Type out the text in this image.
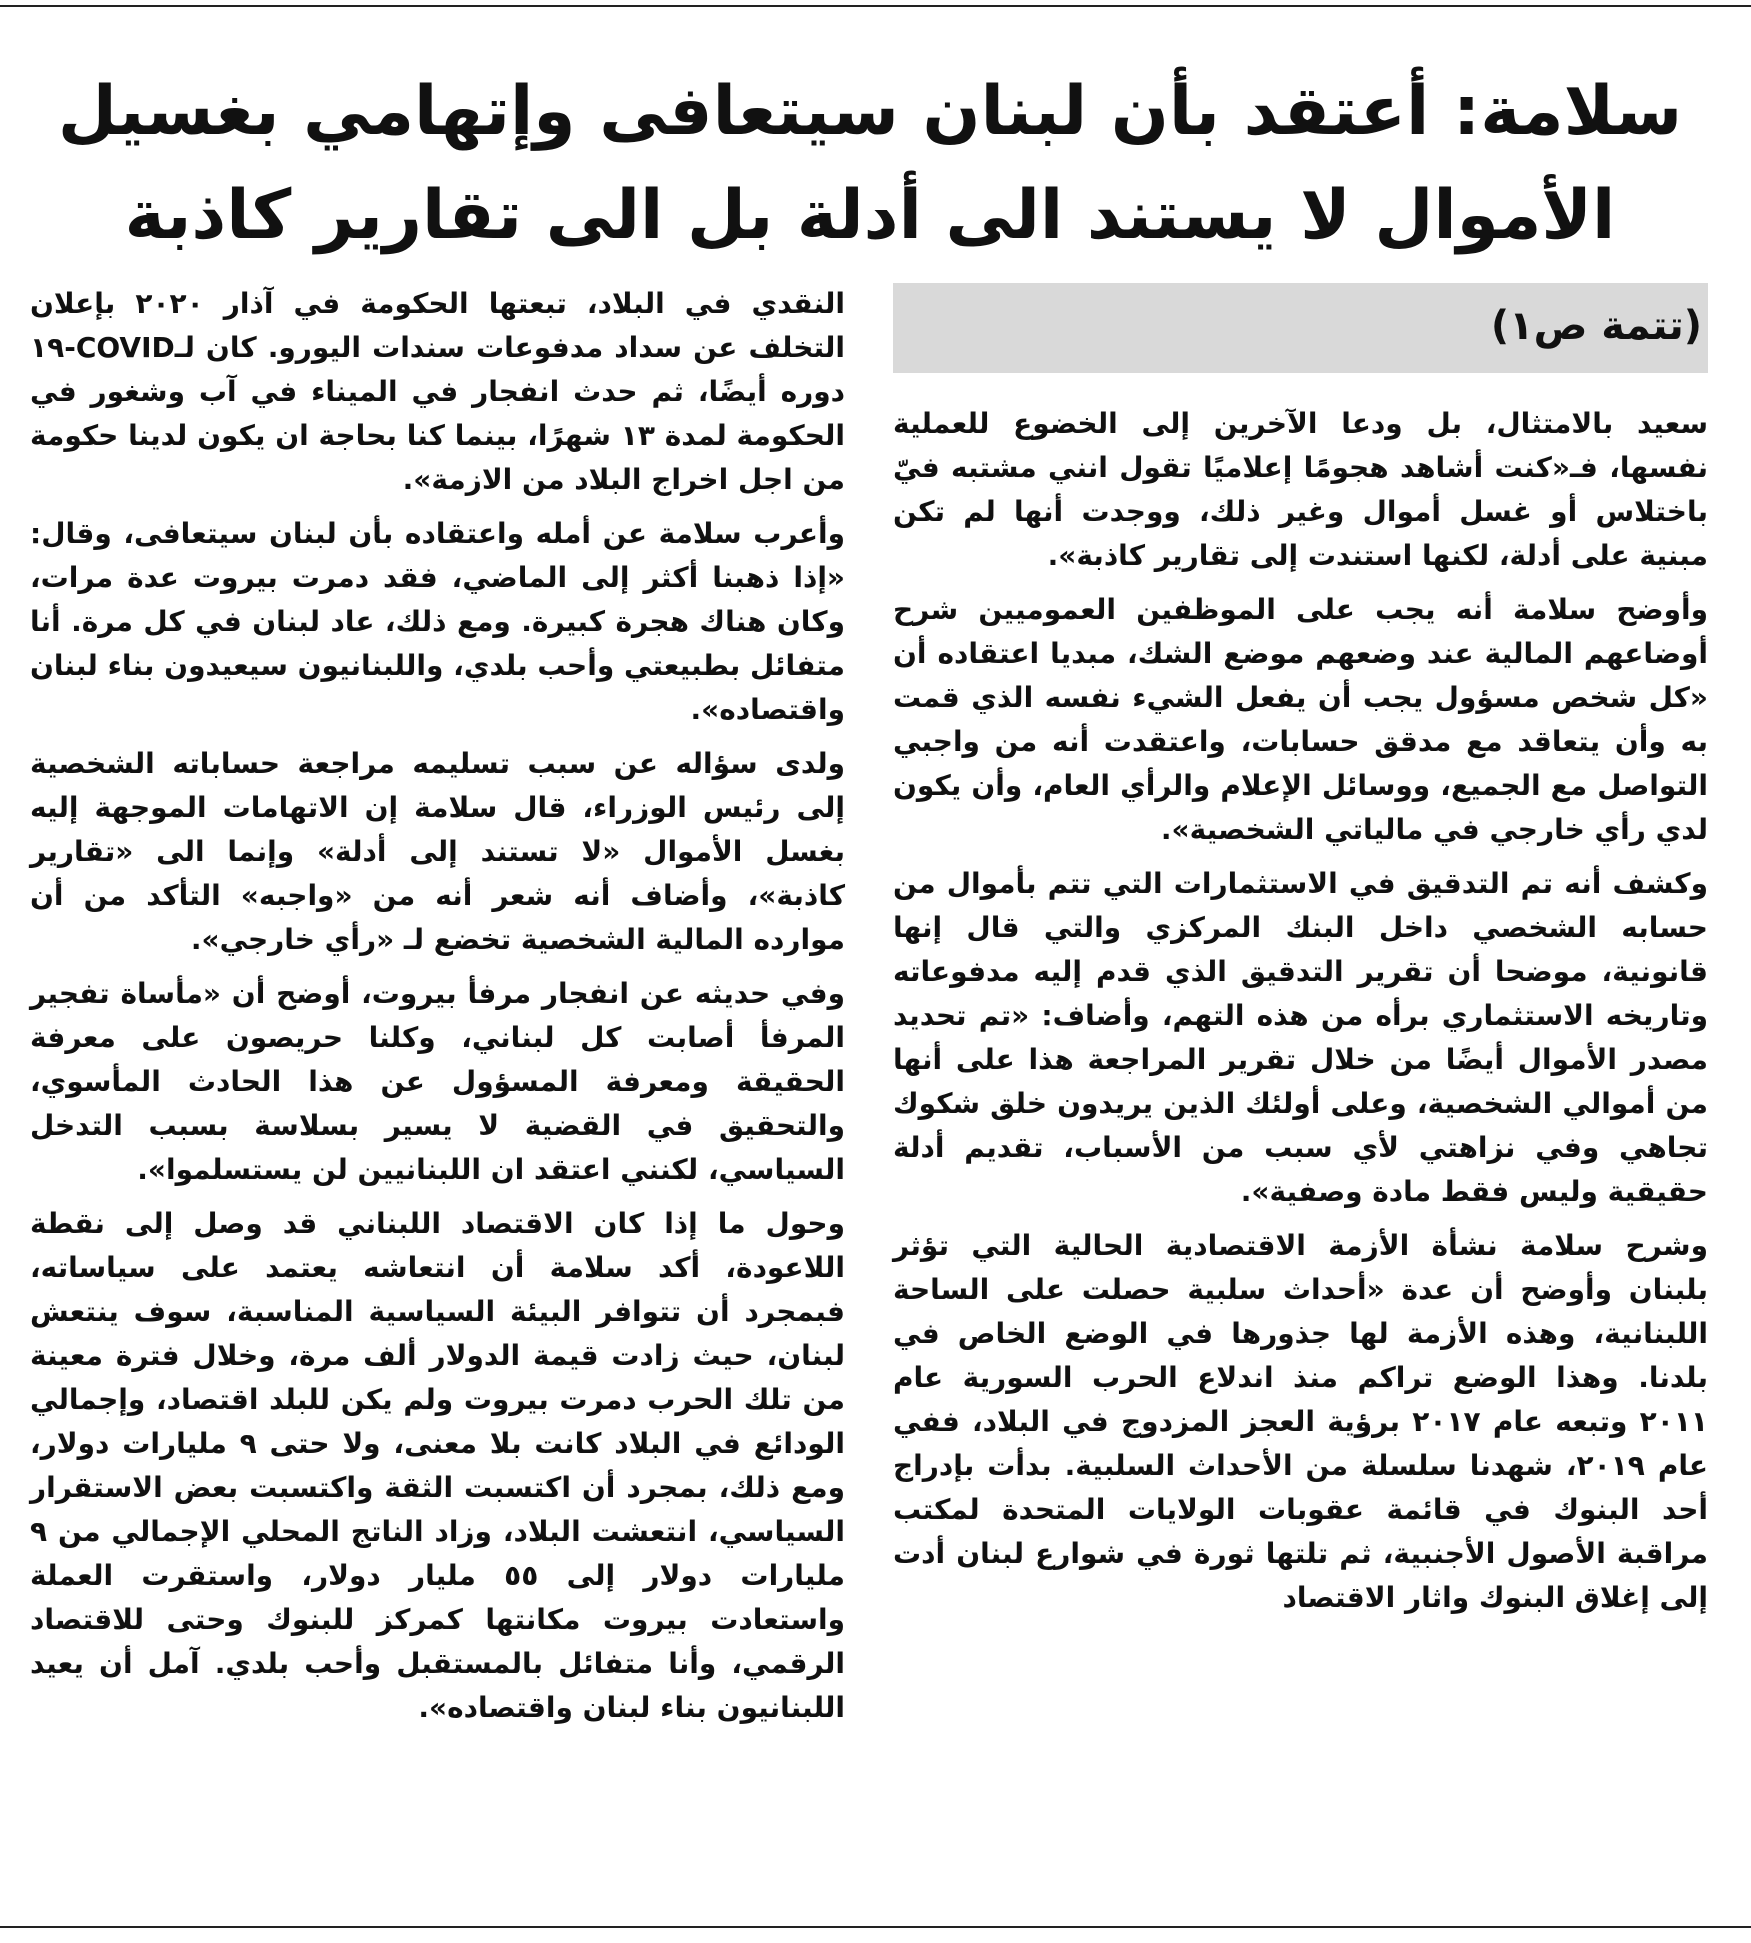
سلامة: أعتقد بأن لبنان سيتعافى وإتهامي بغسيل
الأموال لا يستند الى أدلة بل الى تقارير كاذبة
(تتمة ص١)

سعيد بالامتثال، بل ودعا الآخرين إلى الخضوع للعملية نفسها، فـ«كنت أشاهد هجومًا إعلاميًا تقول انني مشتبه فيّ باختلاس أو غسل أموال وغير ذلك، ووجدت أنها لم تكن مبنية على أدلة، لكنها استندت إلى تقارير كاذبة».

وأوضح سلامة أنه يجب على الموظفين العموميين شرح أوضاعهم المالية عند وضعهم موضع الشك، مبديا اعتقاده أن «كل شخص مسؤول يجب أن يفعل الشيء نفسه الذي قمت به وأن يتعاقد مع مدقق حسابات، واعتقدت أنه من واجبي التواصل مع الجميع، ووسائل الإعلام والرأي العام، وأن يكون لدي رأي خارجي في مالياتي الشخصية».

وكشف أنه تم التدقيق في الاستثمارات التي تتم بأموال من حسابه الشخصي داخل البنك المركزي والتي قال إنها قانونية، موضحا أن تقرير التدقيق الذي قدم إليه مدفوعاته وتاريخه الاستثماري برأه من هذه التهم، وأضاف: «تم تحديد مصدر الأموال أيضًا من خلال تقرير المراجعة هذا على أنها من أموالي الشخصية، وعلى أولئك الذين يريدون خلق شكوك تجاهي وفي نزاهتي لأي سبب من الأسباب، تقديم أدلة حقيقية وليس فقط مادة وصفية».

وشرح سلامة نشأة الأزمة الاقتصادية الحالية التي تؤثر بلبنان وأوضح أن عدة «أحداث سلبية حصلت على الساحة اللبنانية، وهذه الأزمة لها جذورها في الوضع الخاص في بلدنا. وهذا الوضع تراكم منذ اندلاع الحرب السورية عام ٢٠١١ وتبعه عام ٢٠١٧ برؤية العجز المزدوج في البلاد، ففي عام ٢٠١٩، شهدنا سلسلة من الأحداث السلبية. بدأت بإدراج أحد البنوك في قائمة عقوبات الولايات المتحدة لمكتب مراقبة الأصول الأجنبية، ثم تلتها ثورة في شوارع لبنان أدت إلى إغلاق البنوك واثار الاقتصاد

النقدي في البلاد، تبعتها الحكومة في آذار ٢٠٢٠ بإعلان التخلف عن سداد مدفوعات سندات اليورو. كان لـCOVID-١٩ دوره أيضًا، ثم حدث انفجار في الميناء في آب وشغور في الحكومة لمدة ١٣ شهرًا، بينما كنا بحاجة ان يكون لدينا حكومة من اجل اخراج البلاد من الازمة».

وأعرب سلامة عن أمله واعتقاده بأن لبنان سيتعافى، وقال: «إذا ذهبنا أكثر إلى الماضي، فقد دمرت بيروت عدة مرات، وكان هناك هجرة كبيرة. ومع ذلك، عاد لبنان في كل مرة. أنا متفائل بطبيعتي وأحب بلدي، واللبنانيون سيعيدون بناء لبنان واقتصاده».

ولدى سؤاله عن سبب تسليمه مراجعة حساباته الشخصية إلى رئيس الوزراء، قال سلامة إن الاتهامات الموجهة إليه بغسل الأموال «لا تستند إلى أدلة» وإنما الى «تقارير كاذبة»، وأضاف أنه شعر أنه من «واجبه» التأكد من أن موارده المالية الشخصية تخضع لـ «رأي خارجي».

وفي حديثه عن انفجار مرفأ بيروت، أوضح أن «مأساة تفجير المرفأ أصابت كل لبناني، وكلنا حريصون على معرفة الحقيقة ومعرفة المسؤول عن هذا الحادث المأسوي، والتحقيق في القضية لا يسير بسلاسة بسبب التدخل السياسي، لكنني اعتقد ان اللبنانيين لن يستسلموا».

وحول ما إذا كان الاقتصاد اللبناني قد وصل إلى نقطة اللاعودة، أكد سلامة أن انتعاشه يعتمد على سياساته، فبمجرد أن تتوافر البيئة السياسية المناسبة، سوف ينتعش لبنان، حيث زادت قيمة الدولار ألف مرة، وخلال فترة معينة من تلك الحرب دمرت بيروت ولم يكن للبلد اقتصاد، وإجمالي الودائع في البلاد كانت بلا معنى، ولا حتى ٩ مليارات دولار، ومع ذلك، بمجرد أن اكتسبت الثقة واكتسبت بعض الاستقرار السياسي، انتعشت البلاد، وزاد الناتج المحلي الإجمالي من ٩ مليارات دولار إلى ٥٥ مليار دولار، واستقرت العملة واستعادت بيروت مكانتها كمركز للبنوك وحتى للاقتصاد الرقمي، وأنا متفائل بالمستقبل وأحب بلدي. آمل أن يعيد اللبنانيون بناء لبنان واقتصاده».
